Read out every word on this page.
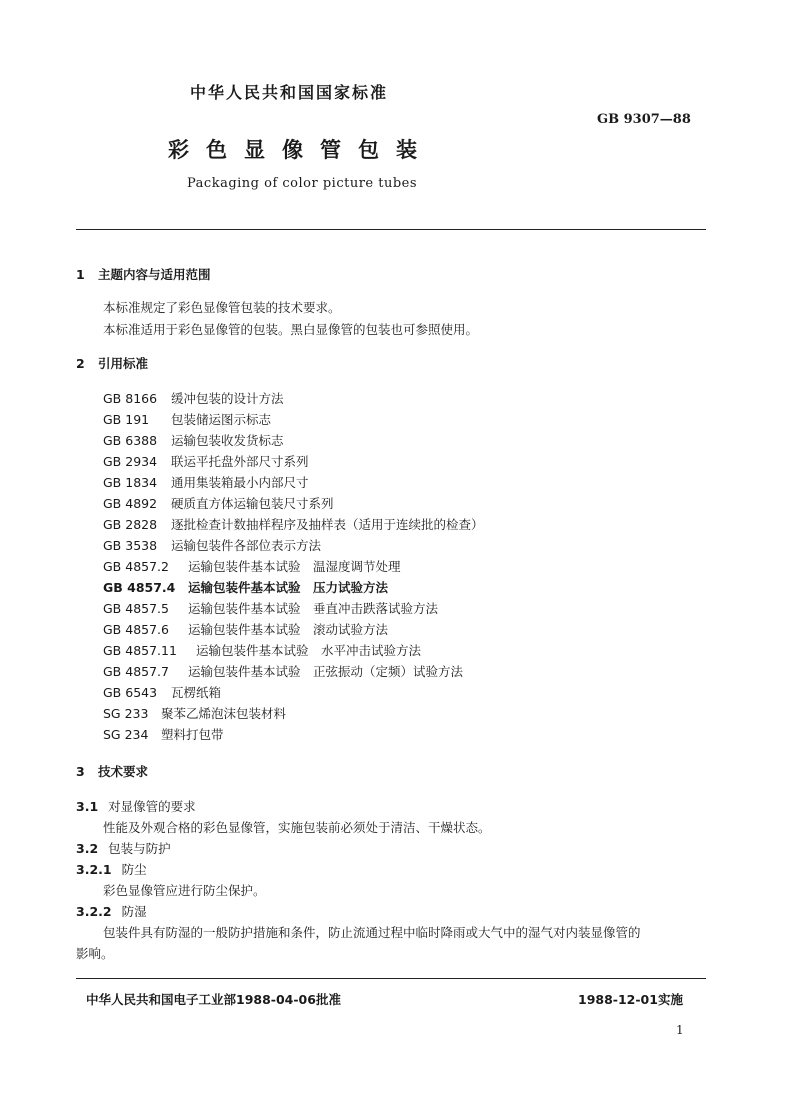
中华人民共和国国家标准
GB 9307—88
彩色显像管包装
Packaging of color picture tubes
1 主题内容与适用范围
本标准规定了彩色显像管包装的技术要求。
本标准适用于彩色显像管的包装。黑白显像管的包装也可参照使用。
2 引用标准
GB 8166 缓冲包装的设计方法
GB 191 包装储运图示标志
GB 6388 运输包装收发货标志
GB 2934 联运平托盘外部尺寸系列
GB 1834 通用集装箱最小内部尺寸
GB 4892 硬质直方体运输包装尺寸系列
GB 2828 逐批检查计数抽样程序及抽样表（适用于连续批的检查）
GB 3538 运输包装件各部位表示方法
GB 4857.2 运输包装件基本试验　温湿度调节处理
GB 4857.4 运输包装件基本试验　压力试验方法
GB 4857.5 运输包装件基本试验　垂直冲击跌落试验方法
GB 4857.6 运输包装件基本试验　滚动试验方法
GB 4857.11 运输包装件基本试验　水平冲击试验方法
GB 4857.7 运输包装件基本试验　正弦振动（定频）试验方法
GB 6543 瓦楞纸箱
SG 233 聚苯乙烯泡沫包装材料
SG 234 塑料打包带
3 技术要求
3.1 对显像管的要求
性能及外观合格的彩色显像管，实施包装前必须处于清洁、干燥状态。
3.2 包装与防护
3.2.1 防尘
彩色显像管应进行防尘保护。
3.2.2 防湿
包装件具有防湿的一般防护措施和条件，防止流通过程中临时降雨或大气中的湿气对内装显像管的
影响。
中华人民共和国电子工业部1988-04-06批准	1988-12-01实施
1
